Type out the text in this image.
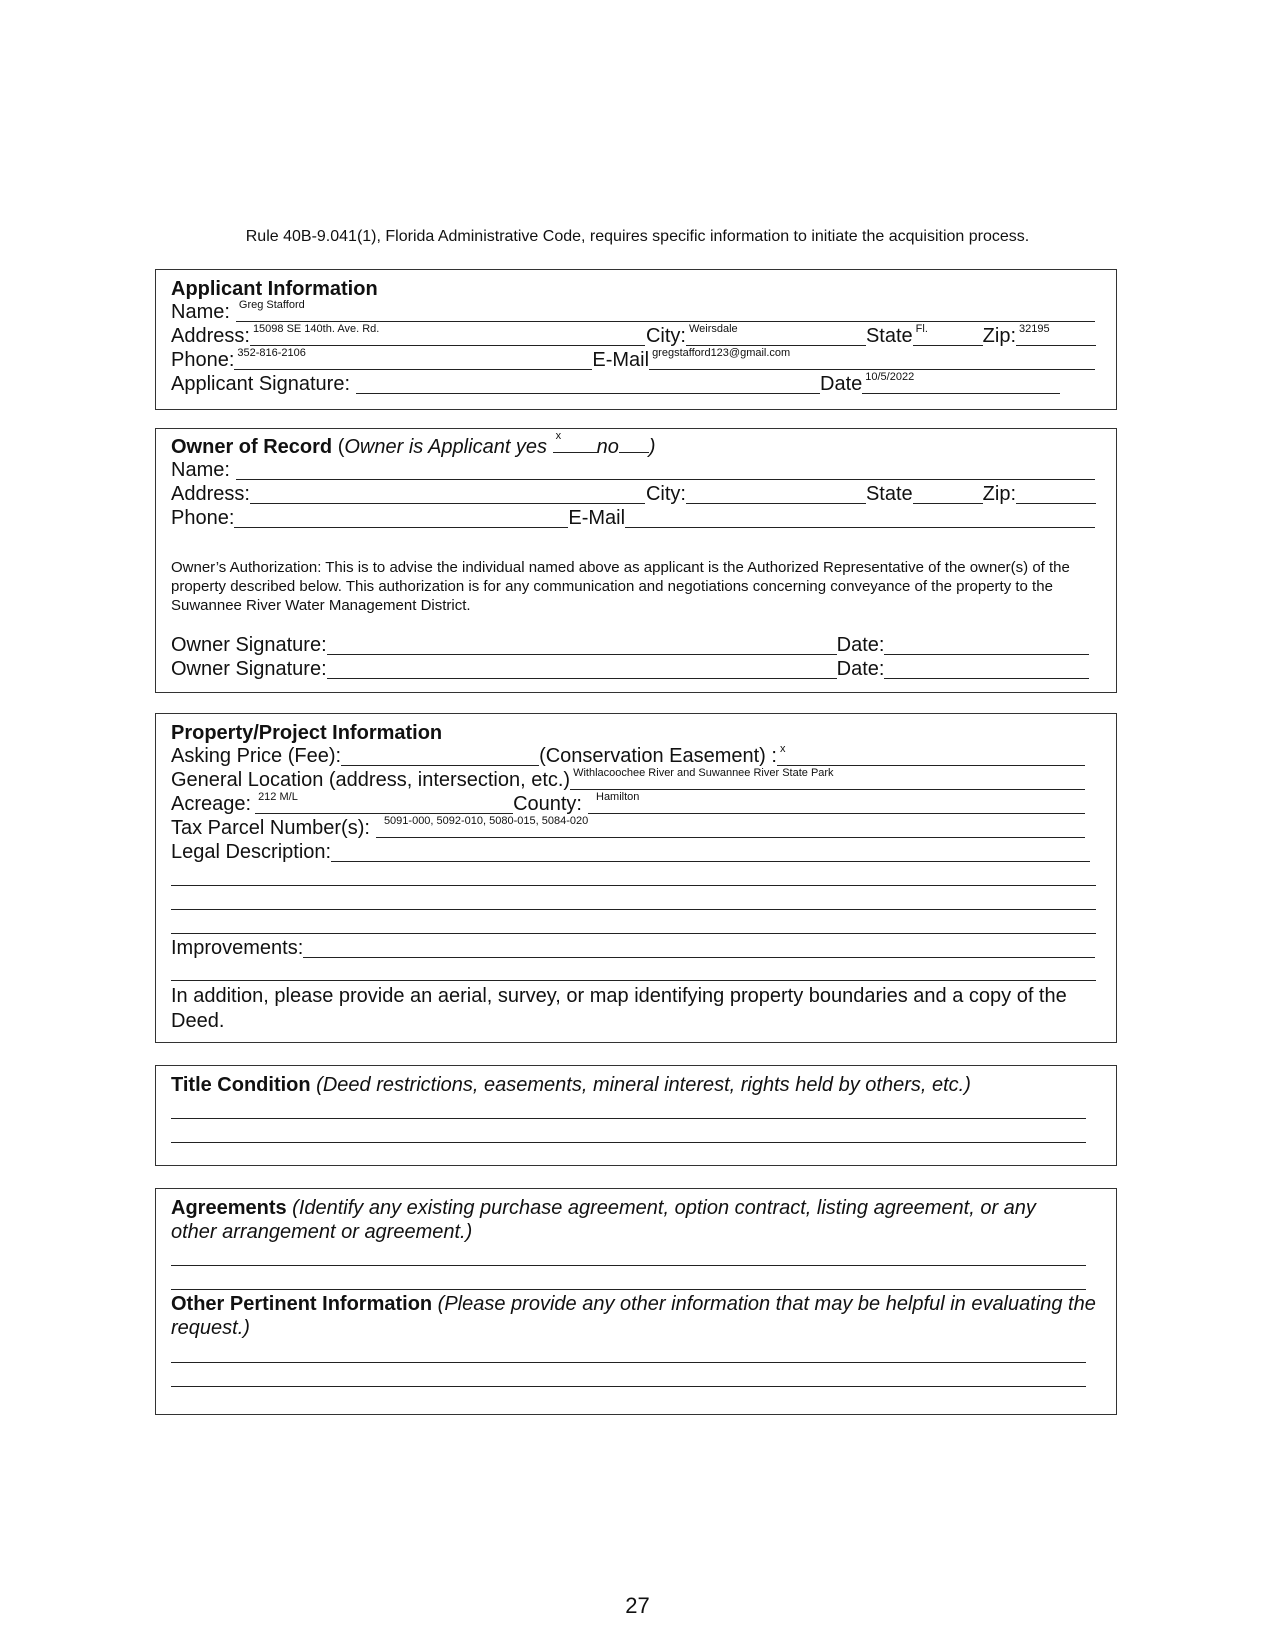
Rule 40B-9.041(1), Florida Administrative Code, requires specific information to initiate the acquisition process.
Applicant Information
Name: Greg Stafford
Address: 15098 SE 140th. Ave. Rd.	City: Weirsdale	State Fl.	Zip: 32195
Phone: 352-816-2106	E-Mail gregstafford123@gmail.com
Applicant Signature:	Date 10/5/2022
Owner of Record (Owner is Applicant yes x no )
Name:
Address:	City:	State	Zip:
Phone:	E-Mail
Owner’s Authorization: This is to advise the individual named above as applicant is the Authorized Representative of the owner(s) of the property described below. This authorization is for any communication and negotiations concerning conveyance of the property to the Suwannee River Water Management District.
Owner Signature:	Date:
Owner Signature:	Date:
Property/Project Information
Asking Price (Fee):	(Conservation Easement) : x
General Location (address, intersection, etc.) Withlacoochee River and Suwannee River State Park
Acreage: 212 M/L	County: Hamilton
Tax Parcel Number(s): 5091-000, 5092-010, 5080-015, 5084-020
Legal Description:
Improvements:
In addition, please provide an aerial, survey, or map identifying property boundaries and a copy of the Deed.
Title Condition (Deed restrictions, easements, mineral interest, rights held by others, etc.)
Agreements (Identify any existing purchase agreement, option contract, listing agreement, or any other arrangement or agreement.)
Other Pertinent Information (Please provide any other information that may be helpful in evaluating the request.)
27
